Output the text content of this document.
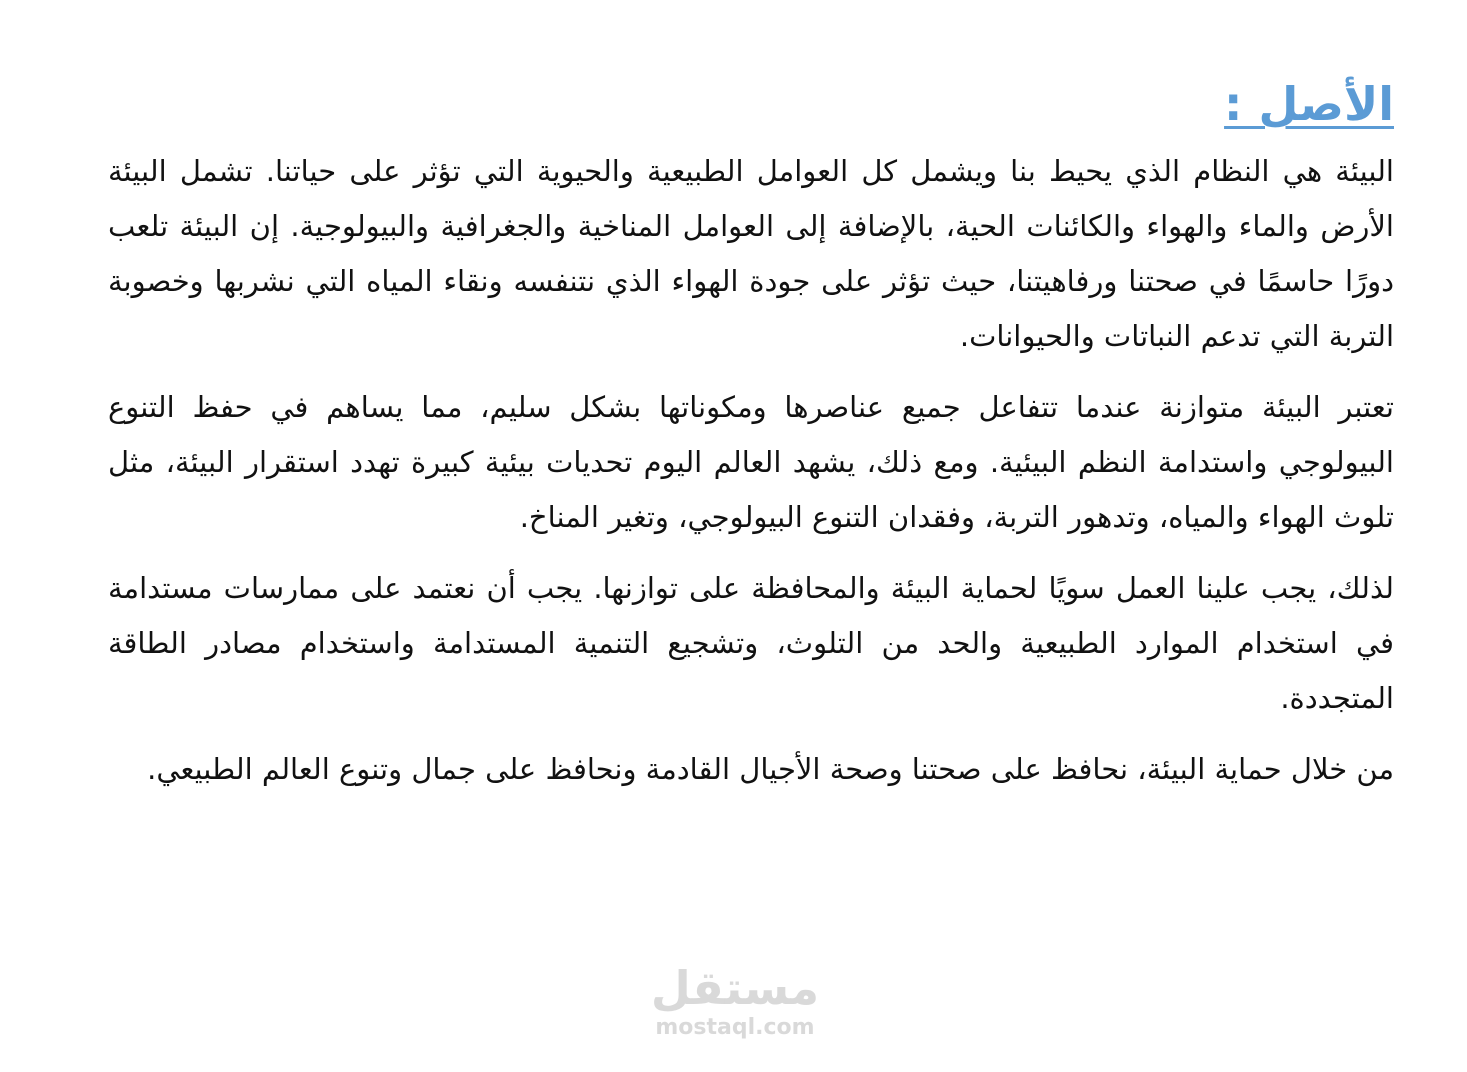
الأصل :

البيئة هي النظام الذي يحيط بنا ويشمل كل العوامل الطبيعية والحيوية التي تؤثر على حياتنا. تشمل البيئة الأرض والماء والهواء والكائنات الحية، بالإضافة إلى العوامل المناخية والجغرافية والبيولوجية. إن البيئة تلعب دورًا حاسمًا في صحتنا ورفاهيتنا، حيث تؤثر على جودة الهواء الذي نتنفسه ونقاء المياه التي نشربها وخصوبة التربة التي تدعم النباتات والحيوانات.

تعتبر البيئة متوازنة عندما تتفاعل جميع عناصرها ومكوناتها بشكل سليم، مما يساهم في حفظ التنوع البيولوجي واستدامة النظم البيئية. ومع ذلك، يشهد العالم اليوم تحديات بيئية كبيرة تهدد استقرار البيئة، مثل تلوث الهواء والمياه، وتدهور التربة، وفقدان التنوع البيولوجي، وتغير المناخ.

لذلك، يجب علينا العمل سويًا لحماية البيئة والمحافظة على توازنها. يجب أن نعتمد على ممارسات مستدامة في استخدام الموارد الطبيعية والحد من التلوث، وتشجيع التنمية المستدامة واستخدام مصادر الطاقة المتجددة.

من خلال حماية البيئة، نحافظ على صحتنا وصحة الأجيال القادمة ونحافظ على جمال وتنوع العالم الطبيعي.

مستقل
mostaql.com
